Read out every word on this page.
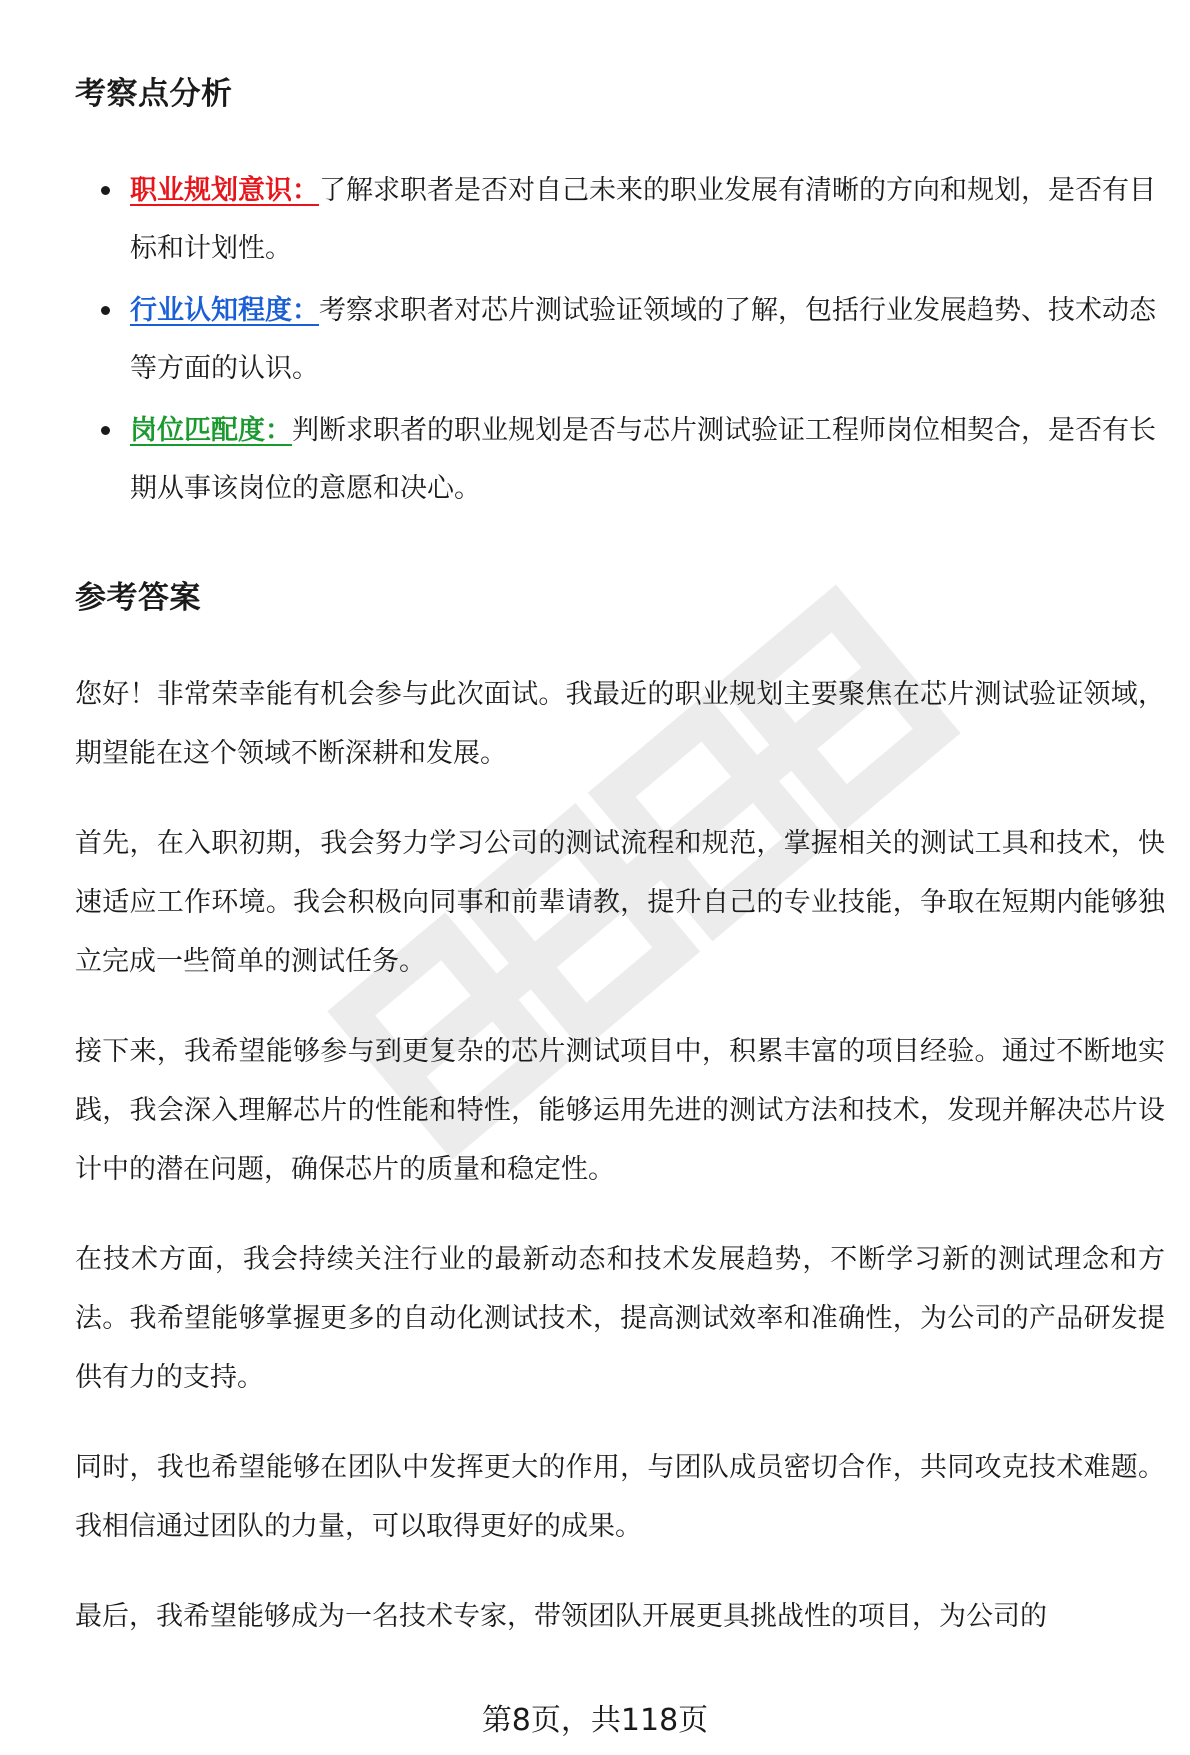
考察点分析
职业规划意识：了解求职者是否对自己未来的职业发展有清晰的方向和规划，是否有目标和计划性。
行业认知程度：考察求职者对芯片测试验证领域的了解，包括行业发展趋势、技术动态等方面的认识。
岗位匹配度：判断求职者的职业规划是否与芯片测试验证工程师岗位相契合，是否有长期从事该岗位的意愿和决心。
参考答案

您好！非常荣幸能有机会参与此次面试。我最近的职业规划主要聚焦在芯片测试验证领域，期望能在这个领域不断深耕和发展。

首先，在入职初期，我会努力学习公司的测试流程和规范，掌握相关的测试工具和技术，快速适应工作环境。我会积极向同事和前辈请教，提升自己的专业技能，争取在短期内能够独立完成一些简单的测试任务。

接下来，我希望能够参与到更复杂的芯片测试项目中，积累丰富的项目经验。通过不断地实践，我会深入理解芯片的性能和特性，能够运用先进的测试方法和技术，发现并解决芯片设计中的潜在问题，确保芯片的质量和稳定性。

在技术方面，我会持续关注行业的最新动态和技术发展趋势，不断学习新的测试理念和方法。我希望能够掌握更多的自动化测试技术，提高测试效率和准确性，为公司的产品研发提供有力的支持。

同时，我也希望能够在团队中发挥更大的作用，与团队成员密切合作，共同攻克技术难题。我相信通过团队的力量，可以取得更好的成果。

最后，我希望能够成为一名技术专家，带领团队开展更具挑战性的项目，为公司的

第8页，共118页
